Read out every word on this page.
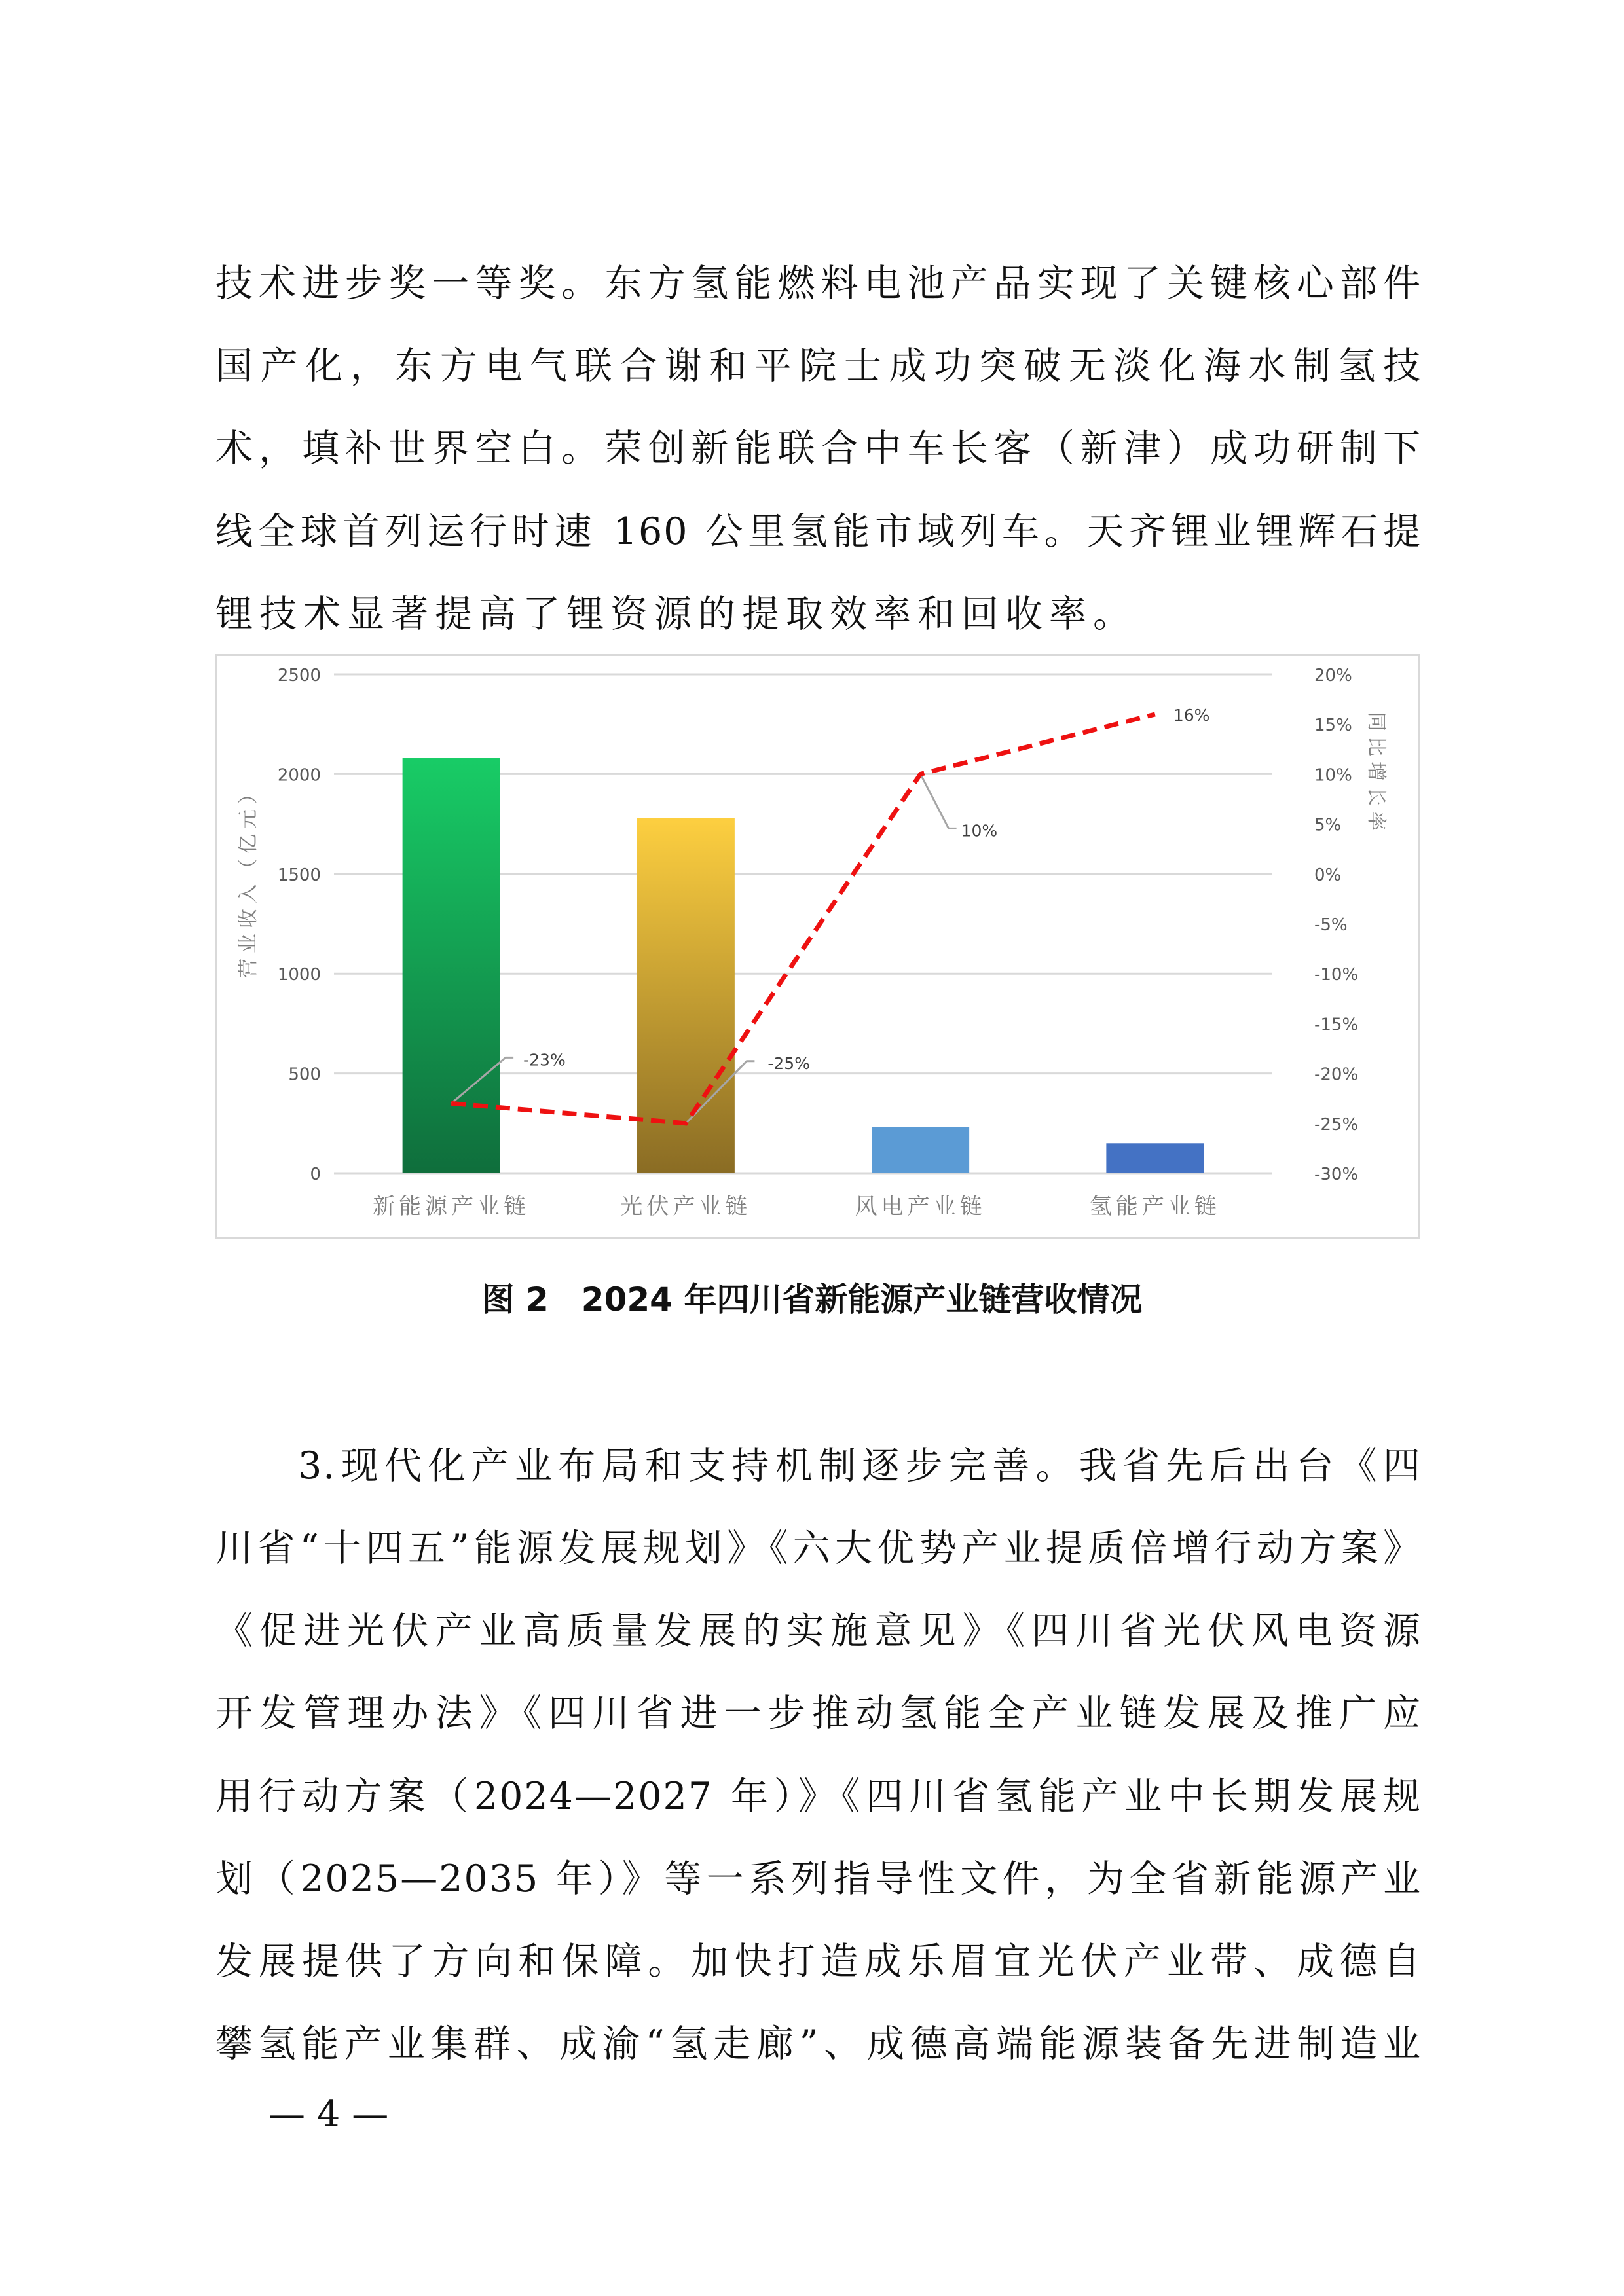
技术进步奖一等奖。东方氢能燃料电池产品实现了关键核心部件
国产化，东方电气联合谢和平院士成功突破无淡化海水制氢技
术，填补世界空白。荣创新能联合中车长客（新津）成功研制下
线全球首列运行时速 160 公里氢能市域列车。天齐锂业锂辉石提
锂技术显著提高了锂资源的提取效率和回收率。
0
500
1000
1500
2000
2500
-30%
-25%
-20%
-15%
-10%
-5%
0%
5%
10%
15%
20%
新能源产业链	光伏产业链	风电产业链	氢能产业链
-23%	-25%
10%
16%
营业收入（亿元）
同比增长率
图 2　2024 年四川省新能源产业链营收情况
3.现代化产业布局和支持机制逐步完善。我省先后出台《四
川省“十四五”能源发展规划》《六大优势产业提质倍增行动方案》
《促进光伏产业高质量发展的实施意见》《四川省光伏风电资源
开发管理办法》《四川省进一步推动氢能全产业链发展及推广应
用行动方案（2024—2027 年）》《四川省氢能产业中长期发展规
划（2025—2035 年）》等一系列指导性文件，为全省新能源产业
发展提供了方向和保障。加快打造成乐眉宜光伏产业带、成德自
攀氢能产业集群、成渝“氢走廊”、成德高端能源装备先进制造业
— 4 —
